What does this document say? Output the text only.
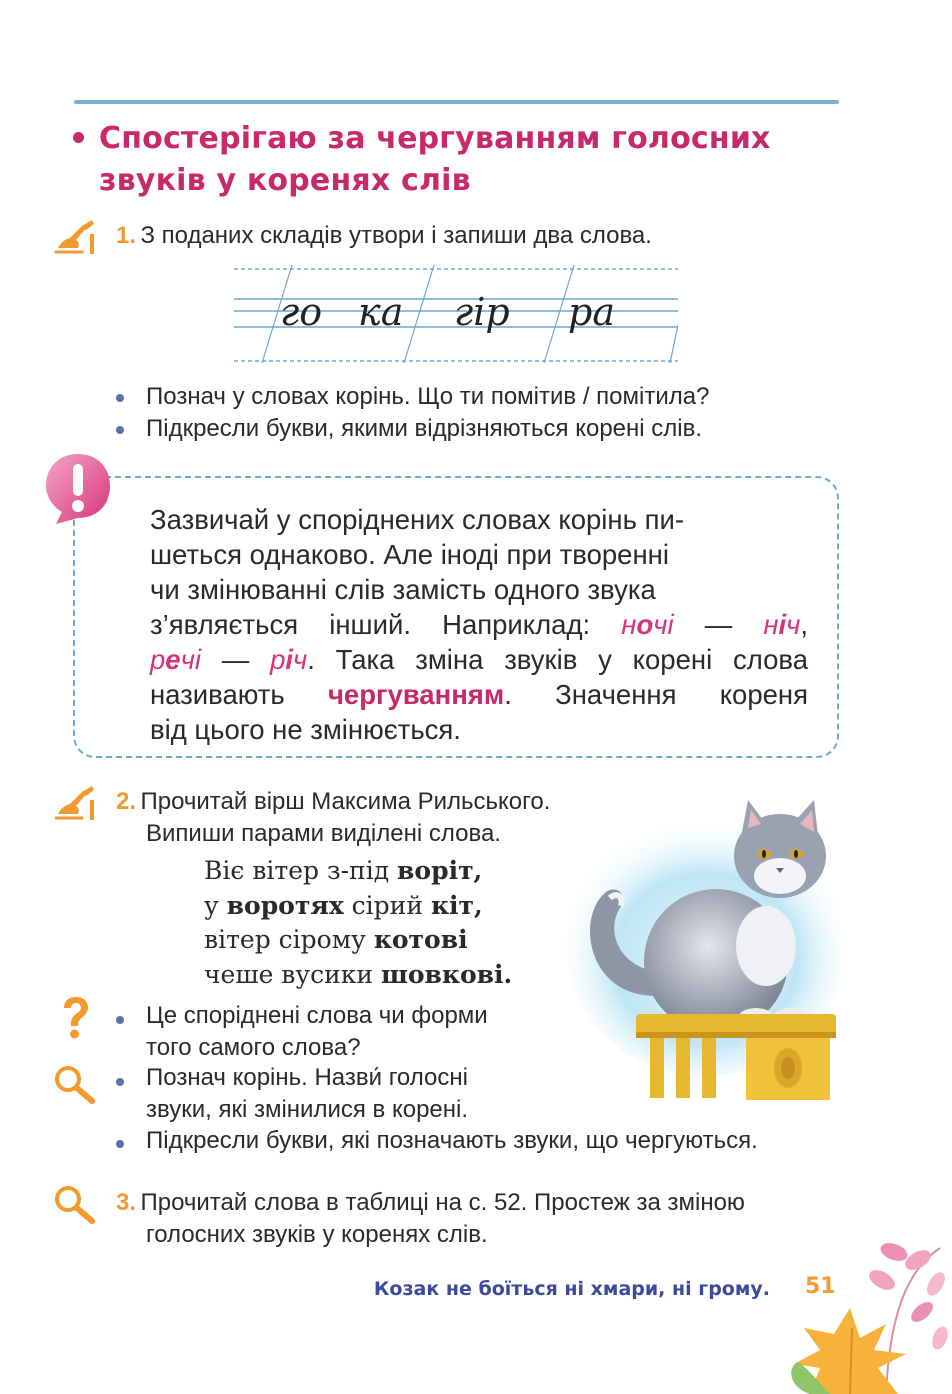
Спостерігаю за чергуванням голосних
звуків у коренях слів
1. З поданих складів утвори і запиши два слова.
го ка гір ра
Познач у словах корінь. Що ти помітив / помітила?
Підкресли букви, якими відрізняються корені слів.
Зазвичай у споріднених словах корінь пи-
шеться однаково. Але іноді при творенні
чи змінюванні слів замість одного звука
з’являється інший. Наприклад: ночі — ніч,
речі — річ. Така зміна звуків у корені слова
називають чергуванням. Значення кореня
від цього не змінюється.
2. Прочитай вірш Максима Рильського.
Випиши парами виділені слова.
Віє вітер з-під воріт,
у воротях сірий кіт,
вітер сірому котові
чеше вусики шовкові.
Це споріднені слова чи форми
того самого слова?
Познач корінь. Назви́ голосні
звуки, які змінилися в корені.
Підкресли букви, які позначають звуки, що чергуються.
3. Прочитай слова в таблиці на с. 52. Простеж за зміною
голосних звуків у коренях слів.
Козак не боїться ні хмари, ні грому. 51
